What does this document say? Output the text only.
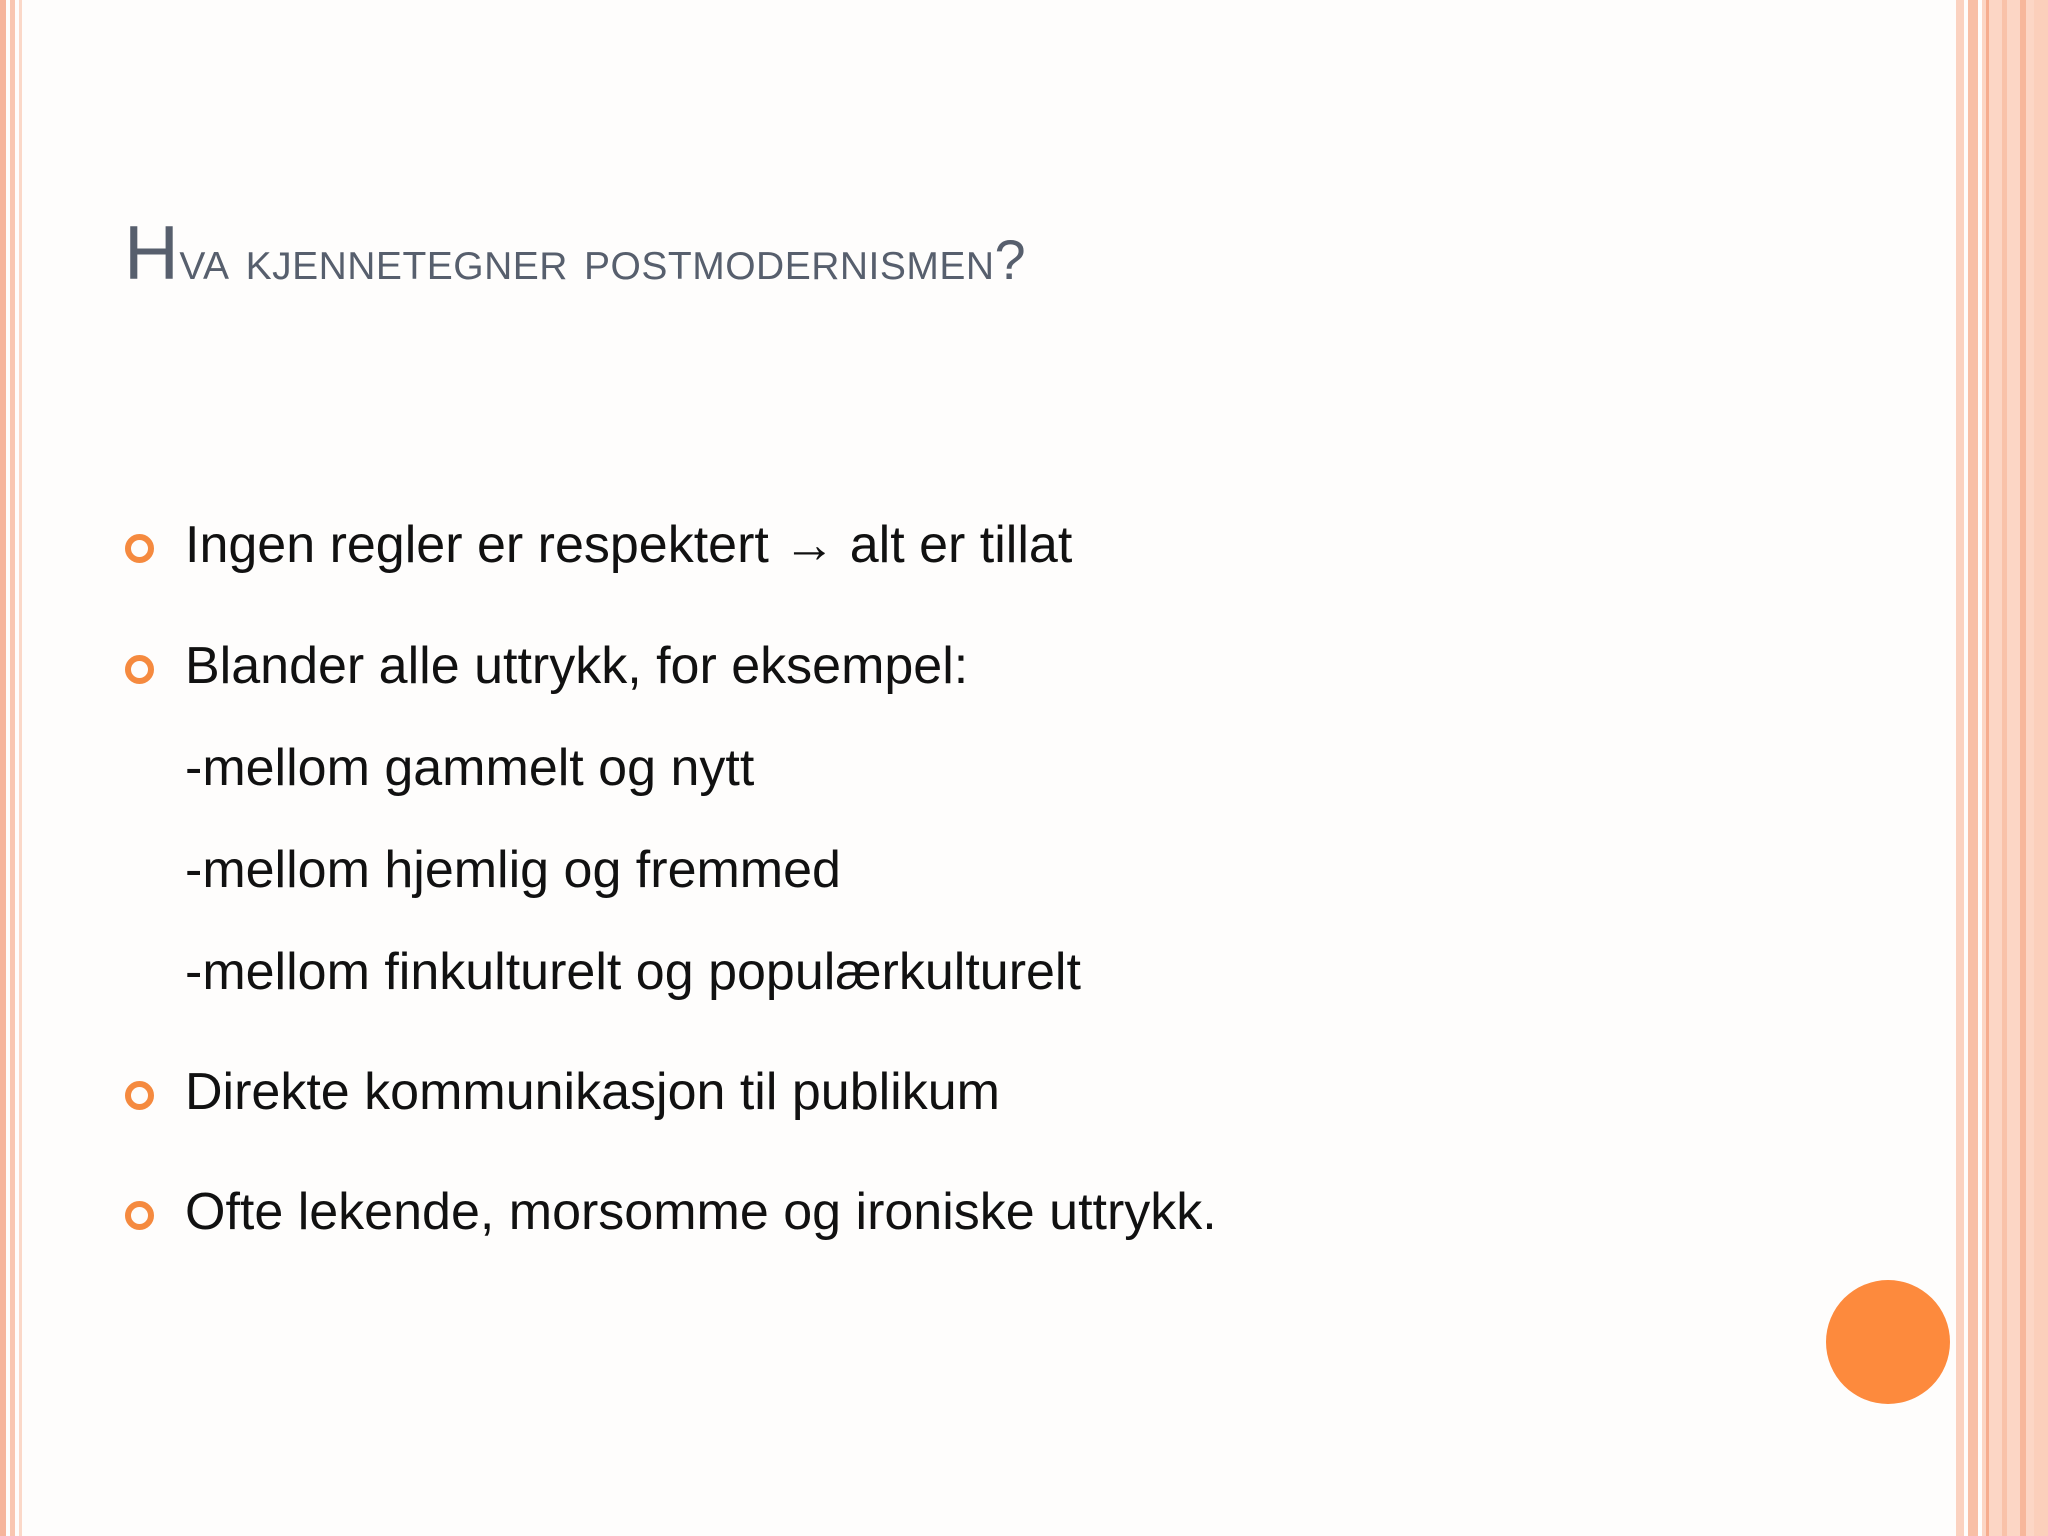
Hva kjennetegner postmodernismen?
Ingen regler er respektert → alt er tillat
Blander alle uttrykk, for eksempel:
-mellom gammelt og nytt
-mellom hjemlig og fremmed
-mellom finkulturelt og populærkulturelt
Direkte kommunikasjon til publikum
Ofte lekende, morsomme og ironiske uttrykk.
